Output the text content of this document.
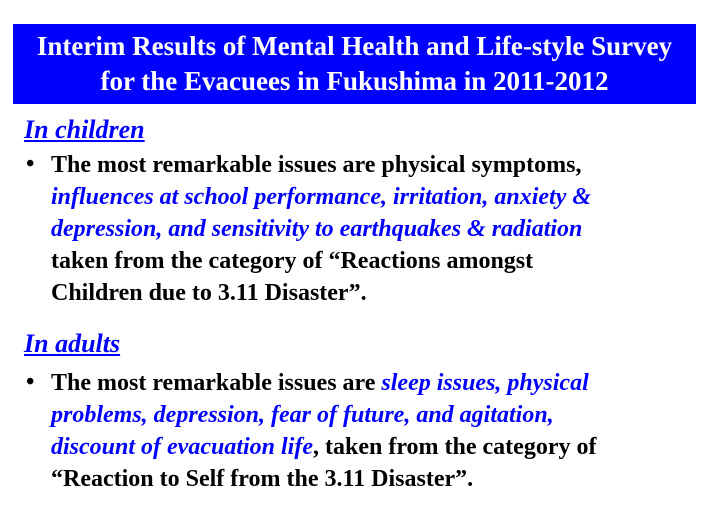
Interim Results of Mental Health and Life-style Survey
for the Evacuees in Fukushima in 2011-2012
In children
• The most remarkable issues are physical symptoms,
influences at school performance, irritation, anxiety &
depression, and sensitivity to earthquakes & radiation
taken from the category of “Reactions amongst
Children due to 3.11 Disaster”.
In adults
• The most remarkable issues are sleep issues, physical
problems, depression, fear of future, and agitation,
discount of evacuation life, taken from the category of
“Reaction to Self from the 3.11 Disaster”.
